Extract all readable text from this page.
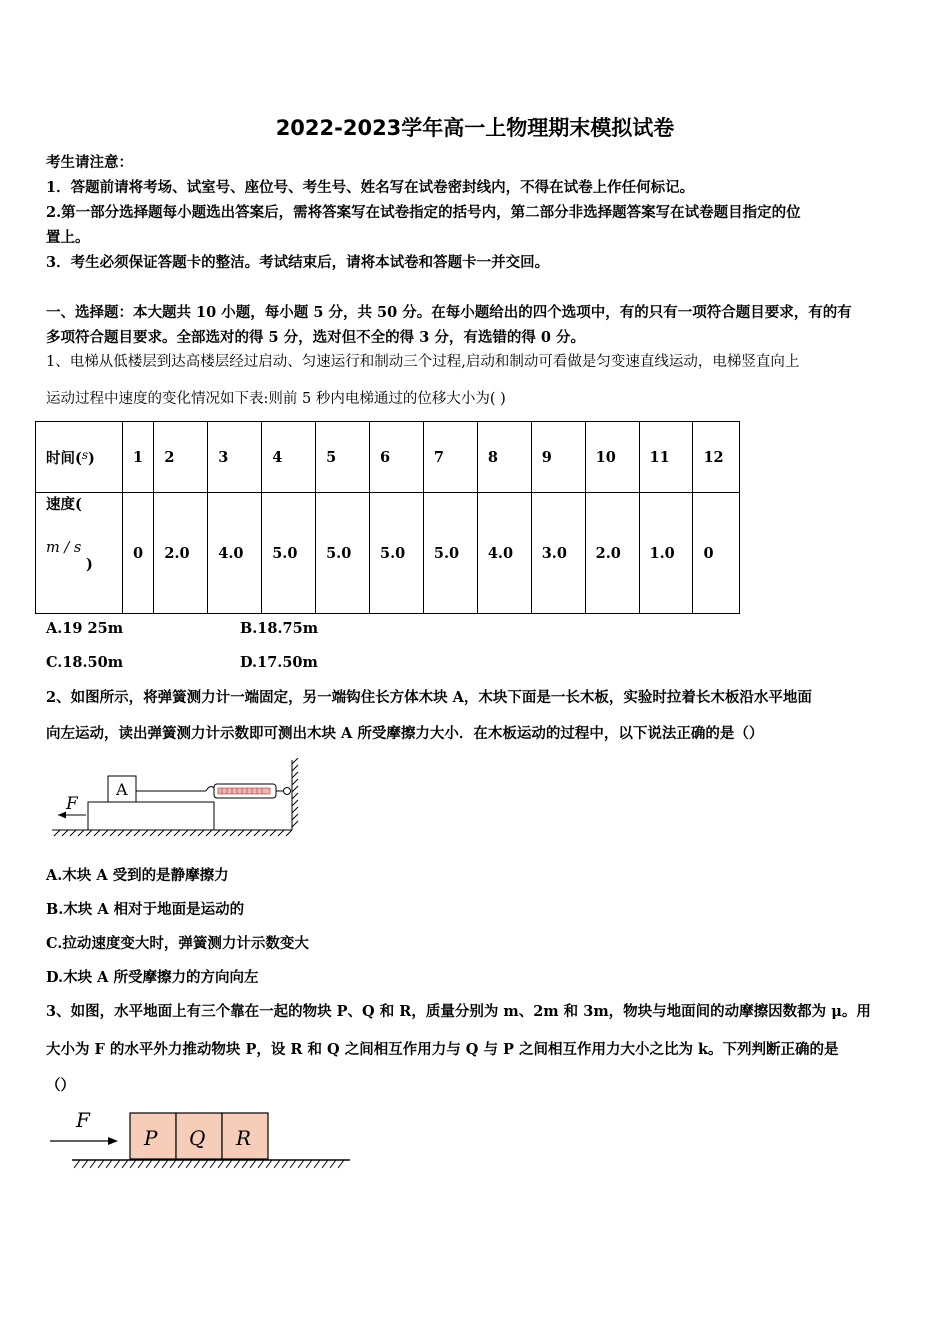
2022-2023学年高一上物理期末模拟试卷
考生请注意：
1．答题前请将考场、试室号、座位号、考生号、姓名写在试卷密封线内，不得在试卷上作任何标记。
2.第一部分选择题每小题选出答案后，需将答案写在试卷指定的括号内，第二部分非选择题答案写在试卷题目指定的位
置上。
3．考生必须保证答题卡的整洁。考试结束后，请将本试卷和答题卡一并交回。
一、选择题：本大题共 10 小题，每小题 5 分，共 50 分。在每小题给出的四个选项中，有的只有一项符合题目要求，有的有
多项符合题目要求。全部选对的得 5 分，选对但不全的得 3 分，有选错的得 0 分。
1、电梯从低楼层到达高楼层经过启动、匀速运行和制动三个过程,启动和制动可看做是匀变速直线运动，电梯竖直向上
运动过程中速度的变化情况如下表:则前 5 秒内电梯通过的位移大小为( )
时间($^s$)	1	2	3	4	5	6	7	8	9	10	11	12

速度(
m / s
)	0	2.0	4.0	5.0	5.0	5.0	5.0	4.0	3.0	2.0	1.0	0
A.19 25m	B.18.75m
C.18.50m	D.17.50m
2、如图所示，将弹簧测力计一端固定，另一端钩住长方体木块 A，木块下面是一长木板，实验时拉着长木板沿水平地面
向左运动，读出弹簧测力计示数即可测出木块 A 所受摩擦力大小．在木板运动的过程中，以下说法正确的是（）
A
F
A.木块 A 受到的是静摩擦力
B.木块 A 相对于地面是运动的
C.拉动速度变大时，弹簧测力计示数变大
D.木块 A 所受摩擦力的方向向左
3、如图，水平地面上有三个靠在一起的物块 P、Q 和 R，质量分别为 m、2m 和 3m，物块与地面间的动摩擦因数都为 μ。用
大小为 F 的水平外力推动物块 P，设 R 和 Q 之间相互作用力与 Q 与 P 之间相互作用力大小之比为 k。下列判断正确的是
（）
F
P Q R
